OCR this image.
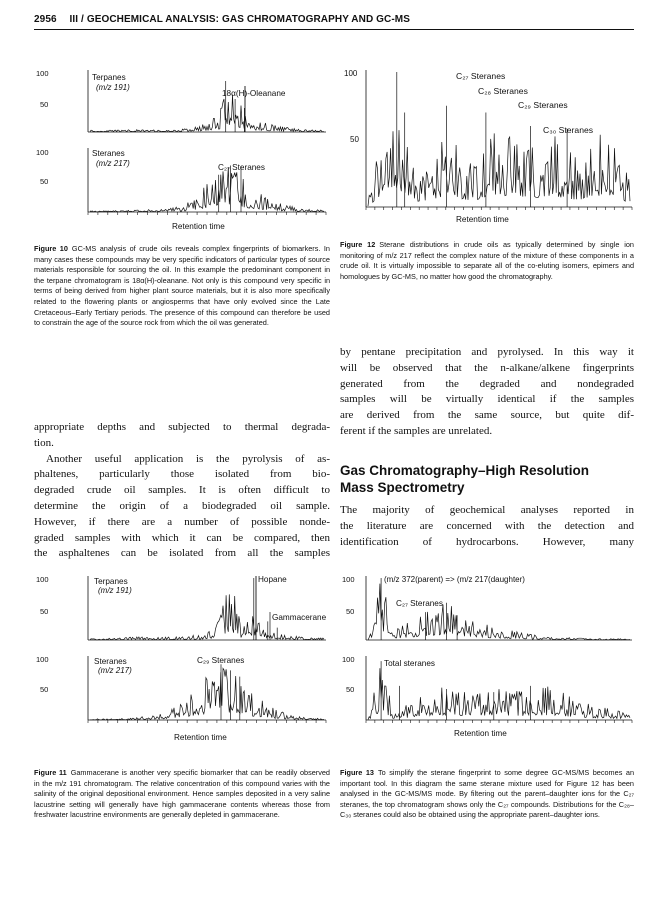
2956 III / GEOCHEMICAL ANALYSIS: GAS CHROMATOGRAPHY AND GC-MS
100
50
100
50
Terpanes
(m/z 191)
18α(H)-Oleanane
Steranes
(m/z 217)	C₂₇ Steranes
Retention time
Figure 10 GC-MS analysis of crude oils reveals complex fingerprints of biomarkers. In many cases these compounds may be very specific indicators of particular types of source materials responsible for sourcing the oil. In this example the predominant component in the terpane chromatogram is 18α(H)-oleanane. Not only is this compound very specific in terms of being derived from higher plant source materials, but it is also more specifically related to the flowering plants or angiosperms that have only evolved since the Late Cretaceous–Early Tertiary periods. The presence of this compound can therefore be used to constrain the age of the source rock from which the oil was generated.
100
50
C₂₇ Steranes
C₂₈ Steranes
C₂₉ Steranes
C₃₀ Steranes
Retention time
Figure 12 Sterane distributions in crude oils as typically determined by single ion monitoring of m/z 217 reflect the complex nature of the mixture of these components in a crude oil. It is virtually impossible to separate all of the co-eluting isomers, epimers and homologues by GC-MS, no matter how good the chromatography.
appropriate depths and subjected to thermal degrada-
tion.
Another useful application is the pyrolysis of as-
phaltenes, particularly those isolated from bio-
degraded crude oil samples. It is often difficult to
determine the origin of a biodegraded oil sample.
However, if there are a number of possible nonde-
graded samples with which it can be compared, then
the asphaltenes can be isolated from all the samples
by pentane precipitation and pyrolysed. In this way it
will be observed that the n-alkane/alkene fingerprints
generated from the degraded and nondegraded
samples will be virtually identical if the samples
are derived from the same source, but quite dif-
ferent if the samples are unrelated.
Gas Chromatography–High Resolution
Mass Spectrometry
The majority of geochemical analyses reported in
the literature are concerned with the detection and
identification of hydrocarbons. However, many
100
50
100
50
Terpanes
(m/z 191)
Hopane
Gammacerane
Steranes
(m/z 217)
C₂₉ Steranes
Retention time
Figure 11 Gammacerane is another very specific biomarker that can be readily observed in the m/z 191 chromatogram. The relative concentration of this compound varies with the salinity of the original depositional environment. Hence samples deposited in a very saline lacustrine setting will generally have high gammacerane contents whereas those from freshwater lacustrine environments are generally depleted in gammacerane.
100
50
100
50
(m/z 372(parent) => (m/z 217(daughter)
C₂₇ Steranes
Total steranes
Retention time
Figure 13 To simplify the sterane fingerprint to some degree GC-MS/MS becomes an important tool. In this diagram the same sterane mixture used for Figure 12 has been analysed in the GC-MS/MS mode. By filtering out the parent–daughter ions for the C₂₇ steranes, the top chromatogram shows only the C₂₇ compounds. Distributions for the C₂₈–C₃₀ steranes could also be obtained using the appropriate parent–daughter ions.
